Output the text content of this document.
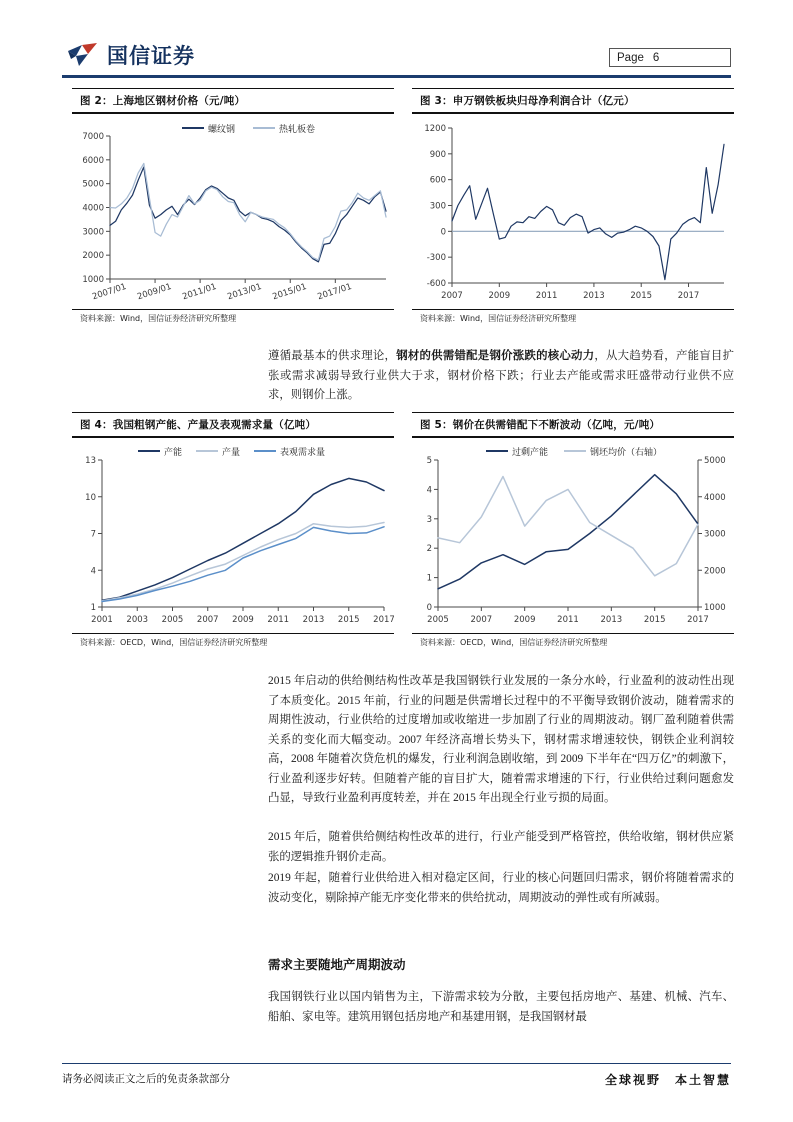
国信证券	Page 6
图 2：上海地区钢材价格（元/吨）
螺纹钢	热轧板卷
1000
2000
3000
4000
5000
6000
7000
2007/01 2009/01 2011/01 2013/01 2015/01 2017/01
资料来源：Wind，国信证券经济研究所整理
图 3：申万钢铁板块归母净利润合计（亿元）
-600
-300
0
300
600
900
1200
2007	2009	2011	2013	2015	2017
资料来源：Wind，国信证券经济研究所整理
遵循最基本的供求理论，钢材的供需错配是钢价涨跌的核心动力，从大趋势看，产能盲目扩张或需求减弱导致行业供大于求，钢材价格下跌；行业去产能或需求旺盛带动行业供不应求，则钢价上涨。
图 4：我国粗钢产能、产量及表观需求量（亿吨）
产能	产量	表观需求量
1
4
7
10
13
2001 2003 2005 2007 2009 2011 2013 2015 2017
资料来源：OECD，Wind，国信证券经济研究所整理
图 5：钢价在供需错配下不断波动（亿吨，元/吨）
过剩产能	钢坯均价（右轴）
0
1
2
3
4
5
1000
2000
3000
4000
5000
2005	2007	2009	2011	2013	2015	2017
资料来源：OECD，Wind，国信证券经济研究所整理
2015 年启动的供给侧结构性改革是我国钢铁行业发展的一条分水岭，行业盈利的波动性出现了本质变化。2015 年前，行业的问题是供需增长过程中的不平衡导致钢价波动，随着需求的周期性波动，行业供给的过度增加或收缩进一步加剧了行业的周期波动。钢厂盈利随着供需关系的变化而大幅变动。2007 年经济高增长势头下，钢材需求增速较快，钢铁企业利润较高，2008 年随着次贷危机的爆发，行业利润急剧收缩，到 2009 下半年在“四万亿”的刺激下，行业盈利逐步好转。但随着产能的盲目扩大，随着需求增速的下行，行业供给过剩问题愈发凸显，导致行业盈利再度转差，并在 2015 年出现全行业亏损的局面。
2015 年后，随着供给侧结构性改革的进行，行业产能受到严格管控，供给收缩，钢材供应紧张的逻辑推升钢价走高。
2019 年起，随着行业供给进入相对稳定区间，行业的核心问题回归需求，钢价将随着需求的波动变化，剔除掉产能无序变化带来的供给扰动，周期波动的弹性或有所减弱。
需求主要随地产周期波动
我国钢铁行业以国内销售为主，下游需求较为分散，主要包括房地产、基建、机械、汽车、船舶、家电等。建筑用钢包括房地产和基建用钢，是我国钢材最
请务必阅读正文之后的免责条款部分	全球视野　本土智慧
